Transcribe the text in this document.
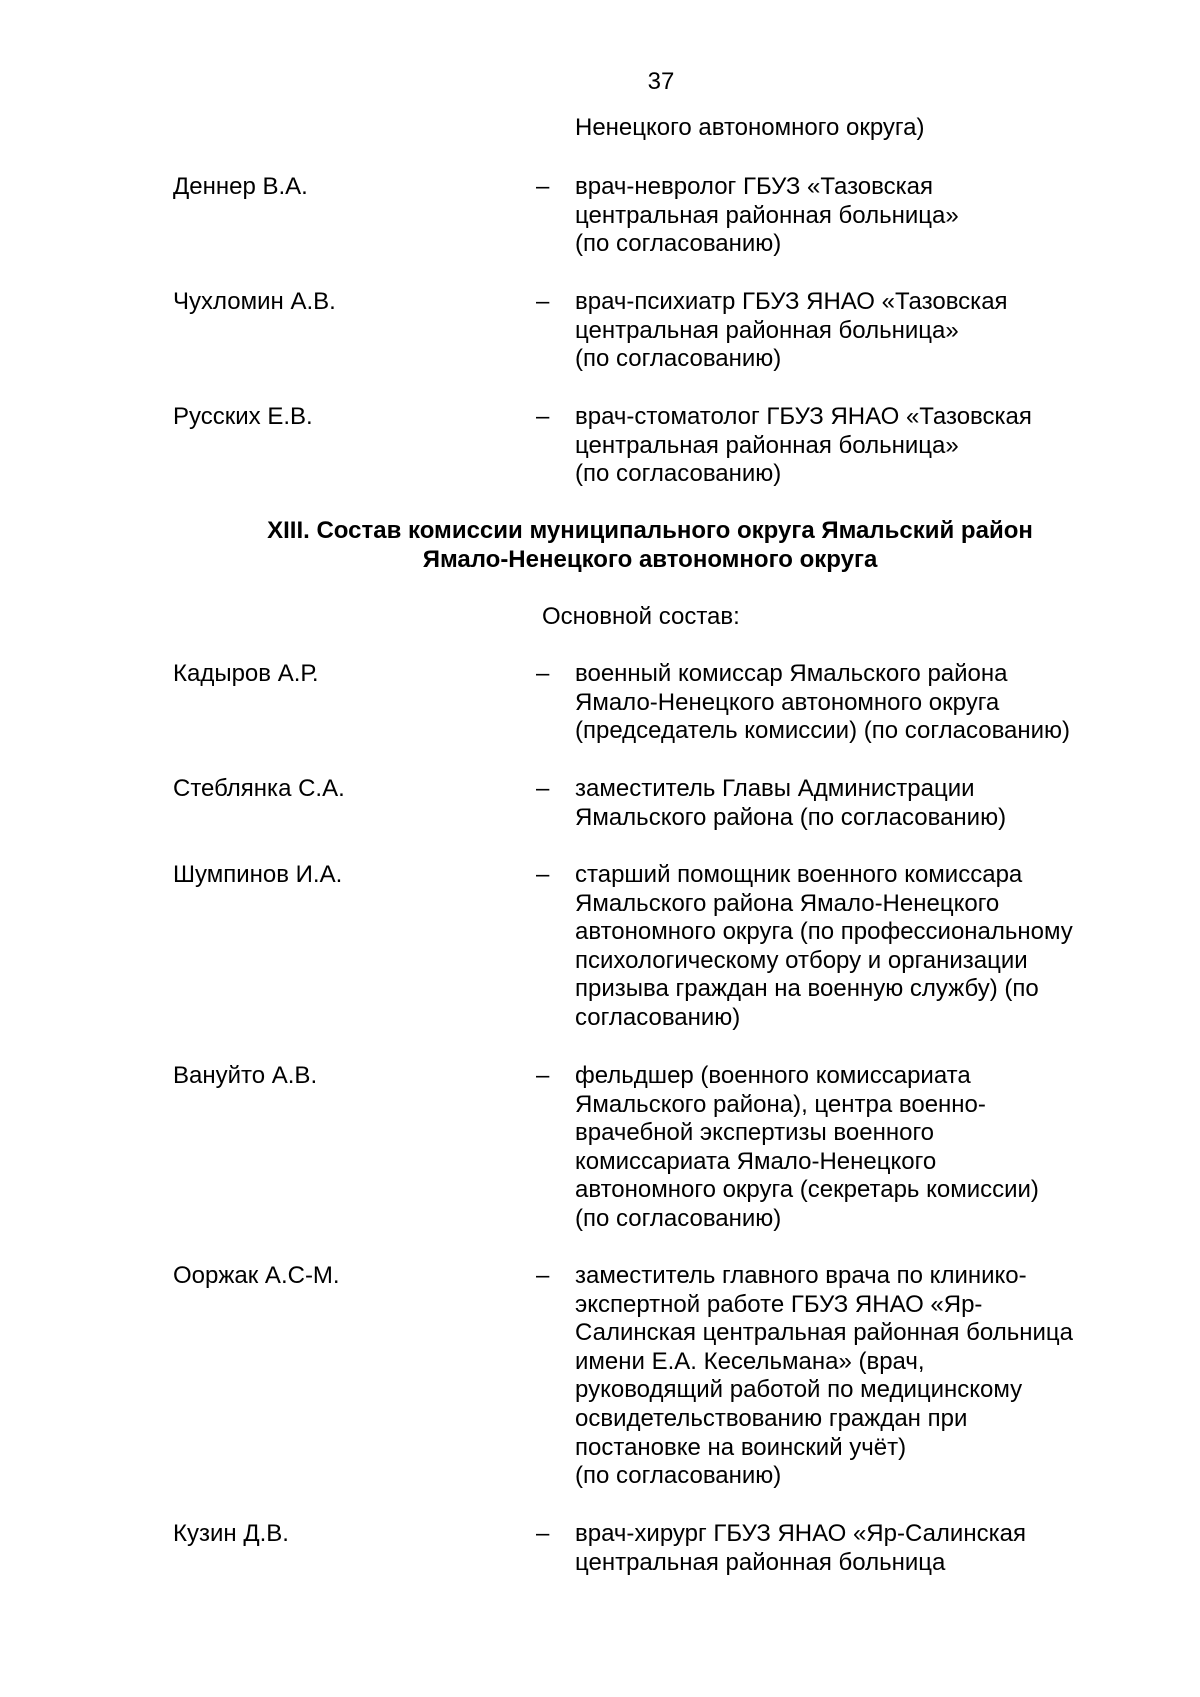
37
Ненецкого автономного округа)
Деннер В.А.	– врач-невролог ГБУЗ «Тазовская
центральная районная больница»
(по согласованию)
Чухломин А.В.	– врач-психиатр ГБУЗ ЯНАО «Тазовская
центральная районная больница»
(по согласованию)
Русских Е.В.	– врач-стоматолог ГБУЗ ЯНАО «Тазовская
центральная районная больница»
(по согласованию)
XIII. Состав комиссии муниципального округа Ямальский район
Ямало-Ненецкого автономного округа
Основной состав:
Кадыров А.Р.	– военный комиссар Ямальского района
Ямало-Ненецкого автономного округа
(председатель комиссии) (по согласованию)
Стеблянка С.А.	– заместитель Главы Администрации
Ямальского района (по согласованию)
Шумпинов И.А.	– старший помощник военного комиссара
Ямальского района Ямало-Ненецкого
автономного округа (по профессиональному
психологическому отбору и организации
призыва граждан на военную службу) (по
согласованию)
Вануйто А.В.	– фельдшер (военного комиссариата
Ямальского района), центра военно-
врачебной экспертизы военного
комиссариата Ямало-Ненецкого
автономного округа (секретарь комиссии)
(по согласованию)
Ооржак А.С-М.	– заместитель главного врача по клинико-
экспертной работе ГБУЗ ЯНАО «Яр-
Салинская центральная районная больница
имени Е.А. Кесельмана» (врач,
руководящий работой по медицинскому
освидетельствованию граждан при
постановке на воинский учёт)
(по согласованию)
Кузин Д.В.	– врач-хирург ГБУЗ ЯНАО «Яр-Салинская
центральная районная больница
